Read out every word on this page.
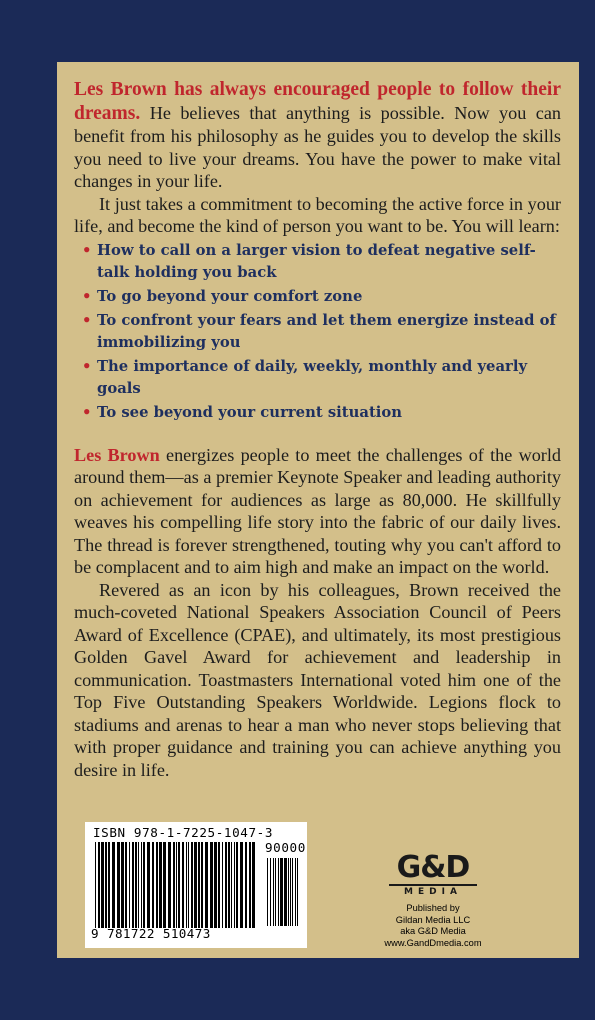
Les Brown has always encouraged people to follow their dreams. He believes that anything is possible. Now you can benefit from his philosophy as he guides you to develop the skills you need to live your dreams. You have the power to make vital changes in your life.

It just takes a commitment to becoming the active force in your life, and become the kind of person you want to be. You will learn:

• How to call on a larger vision to defeat negative self-talk holding you back
• To go beyond your comfort zone
• To confront your fears and let them energize instead of immobilizing you
• The importance of daily, weekly, monthly and yearly goals
• To see beyond your current situation

Les Brown energizes people to meet the challenges of the world around them—as a premier Keynote Speaker and leading authority on achievement for audiences as large as 80,000. He skillfully weaves his compelling life story into the fabric of our daily lives. The thread is forever strengthened, touting why you can't afford to be complacent and to aim high and make an impact on the world.

Revered as an icon by his colleagues, Brown received the much-coveted National Speakers Association Council of Peers Award of Excellence (CPAE), and ultimately, its most prestigious Golden Gavel Award for achievement and leadership in communication. Toastmasters International voted him one of the Top Five Outstanding Speakers Worldwide. Legions flock to stadiums and arenas to hear a man who never stops believing that with proper guidance and training you can achieve anything you desire in life.

ISBN 978-1-7225-1047-3
90000
9 781722 510473
G&D
MEDIA
Published by
Gildan Media LLC
aka G&D Media
www.GandDmedia.com
